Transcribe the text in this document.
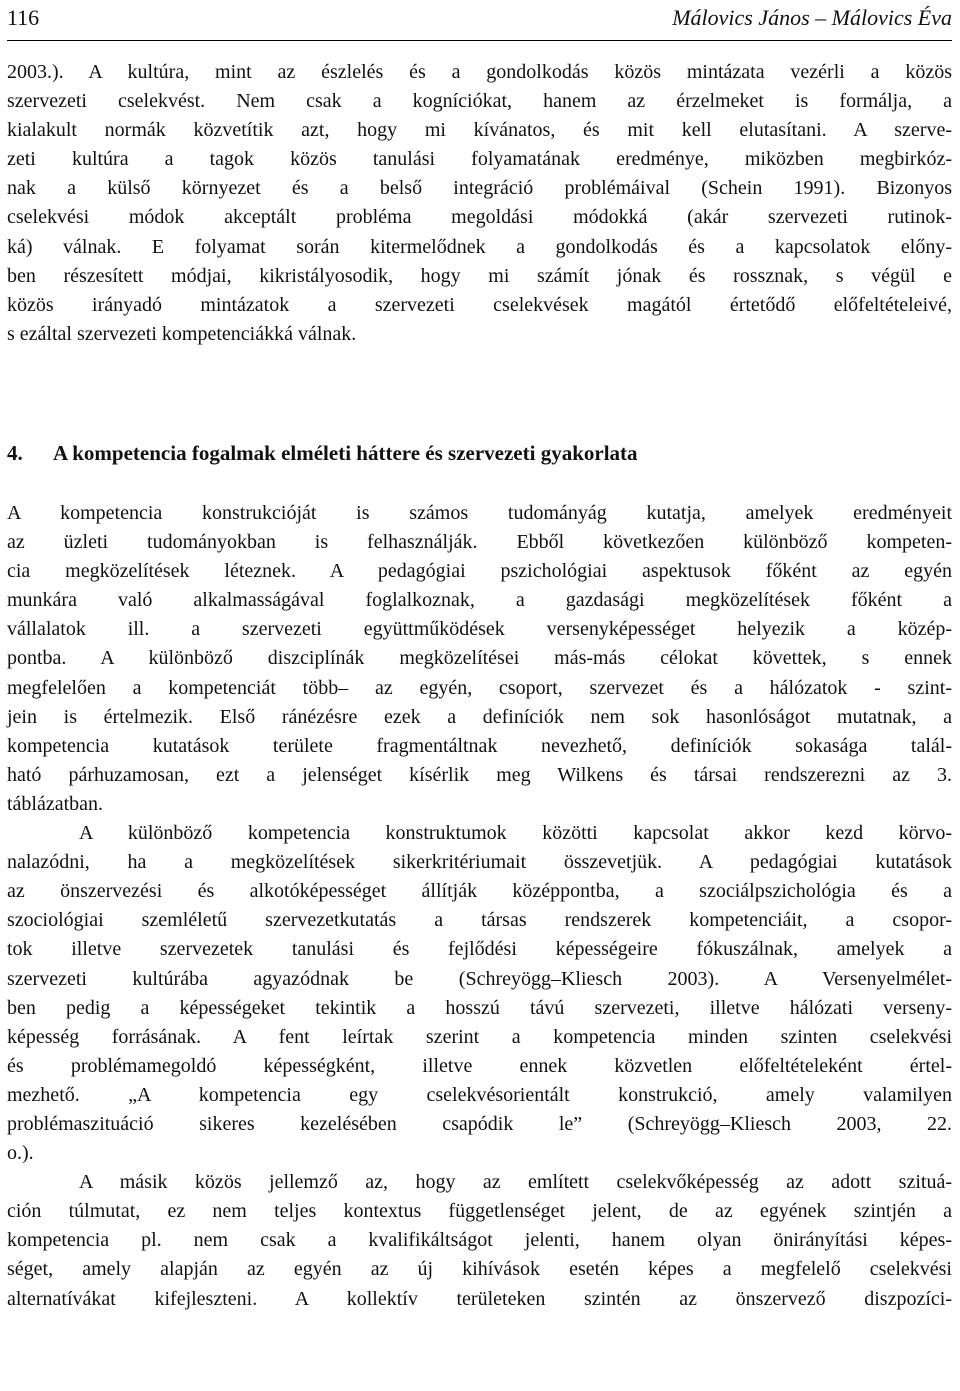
116	Málovics János – Málovics Éva
2003.). A kultúra, mint az észlelés és a gondolkodás közös mintázata vezérli a közös
szervezeti cselekvést. Nem csak a kogníciókat, hanem az érzelmeket is formálja, a
kialakult normák közvetítik azt, hogy mi kívánatos, és mit kell elutasítani. A szerve-
zeti kultúra a tagok közös tanulási folyamatának eredménye, miközben megbirkóz-
nak a külső környezet és a belső integráció problémáival (Schein 1991). Bizonyos
cselekvési módok akceptált probléma megoldási módokká (akár szervezeti rutinok-
ká) válnak. E folyamat során kitermelődnek a gondolkodás és a kapcsolatok előny-
ben részesített módjai, kikristályosodik, hogy mi számít jónak és rossznak, s végül e
közös irányadó mintázatok a szervezeti cselekvések magától értetődő előfeltételeivé,
s ezáltal szervezeti kompetenciákká válnak.
4. A kompetencia fogalmak elméleti háttere és szervezeti gyakorlata
A kompetencia konstrukcióját is számos tudományág kutatja, amelyek eredményeit
az üzleti tudományokban is felhasználják. Ebből következően különböző kompeten-
cia megközelítések léteznek. A pedagógiai pszichológiai aspektusok főként az egyén
munkára való alkalmasságával foglalkoznak, a gazdasági megközelítések főként a
vállalatok ill. a szervezeti együttműködések versenyképességet helyezik a közép-
pontba. A különböző diszciplínák megközelítései más-más célokat követtek, s ennek
megfelelően a kompetenciát több– az egyén, csoport, szervezet és a hálózatok - szint-
jein is értelmezik. Első ránézésre ezek a definíciók nem sok hasonlóságot mutatnak, a
kompetencia kutatások területe fragmentáltnak nevezhető, definíciók sokasága talál-
ható párhuzamosan, ezt a jelenséget kísérlik meg Wilkens és társai rendszerezni az 3.
táblázatban.
A különböző kompetencia konstruktumok közötti kapcsolat akkor kezd körvo-
nalazódni, ha a megközelítések sikerkritériumait összevetjük. A pedagógiai kutatások
az önszervezési és alkotóképességet állítják középpontba, a szociálpszichológia és a
szociológiai szemléletű szervezetkutatás a társas rendszerek kompetenciáit, a csopor-
tok illetve szervezetek tanulási és fejlődési képességeire fókuszálnak, amelyek a
szervezeti kultúrába agyazódnak be (Schreyögg–Kliesch 2003). A Versenyelmélet-
ben pedig a képességeket tekintik a hosszú távú szervezeti, illetve hálózati verseny-
képesség forrásának. A fent leírtak szerint a kompetencia minden szinten cselekvési
és problémamegoldó képességként, illetve ennek közvetlen előfeltételeként értel-
mezhető. „A kompetencia egy cselekvésorientált konstrukció, amely valamilyen
problémaszituáció sikeres kezelésében csapódik le” (Schreyögg–Kliesch 2003, 22.
o.).
A másik közös jellemző az, hogy az említett cselekvőképesség az adott szituá-
ción túlmutat, ez nem teljes kontextus függetlenséget jelent, de az egyének szintjén a
kompetencia pl. nem csak a kvalifikáltságot jelenti, hanem olyan önirányítási képes-
séget, amely alapján az egyén az új kihívások esetén képes a megfelelő cselekvési
alternatívákat kifejleszteni. A kollektív területeken szintén az önszervező diszpozíci-
